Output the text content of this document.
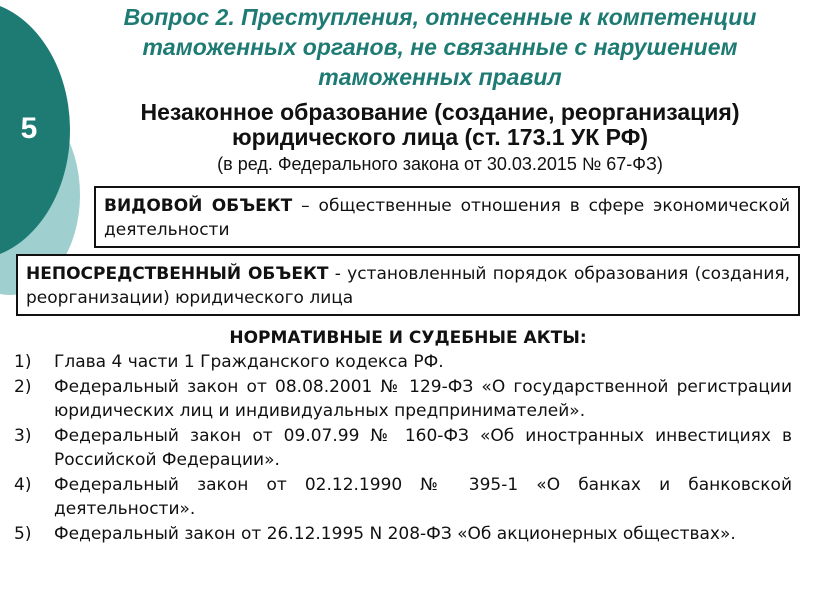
5
Вопрос 2. Преступления, отнесенные к компетенции таможенных органов, не связанные с нарушением таможенных правил
Незаконное образование (создание, реорганизация) юридического лица (ст. 173.1 УК РФ)
(в ред. Федерального закона от 30.03.2015 № 67-ФЗ)
ВИДОВОЙ ОБЪЕКТ – общественные отношения в сфере экономической деятельности
НЕПОСРЕДСТВЕННЫЙ ОБЪЕКТ - установленный порядок образования (создания, реорганизации) юридического лица
НОРМАТИВНЫЕ И СУДЕБНЫЕ АКТЫ:
1)	Глава 4 части 1 Гражданского кодекса РФ.
2)	Федеральный закон от 08.08.2001 № 129-ФЗ «О государственной регистрации юридических лиц и индивидуальных предпринимателей».
3)	Федеральный закон от 09.07.99 № 160-ФЗ «Об иностранных инвестициях в Российской Федерации».
4)	Федеральный закон от 02.12.1990 № 395-1 «О банках и банковской деятельности».
5)	Федеральный закон от 26.12.1995 N 208-ФЗ «Об акционерных обществах».
